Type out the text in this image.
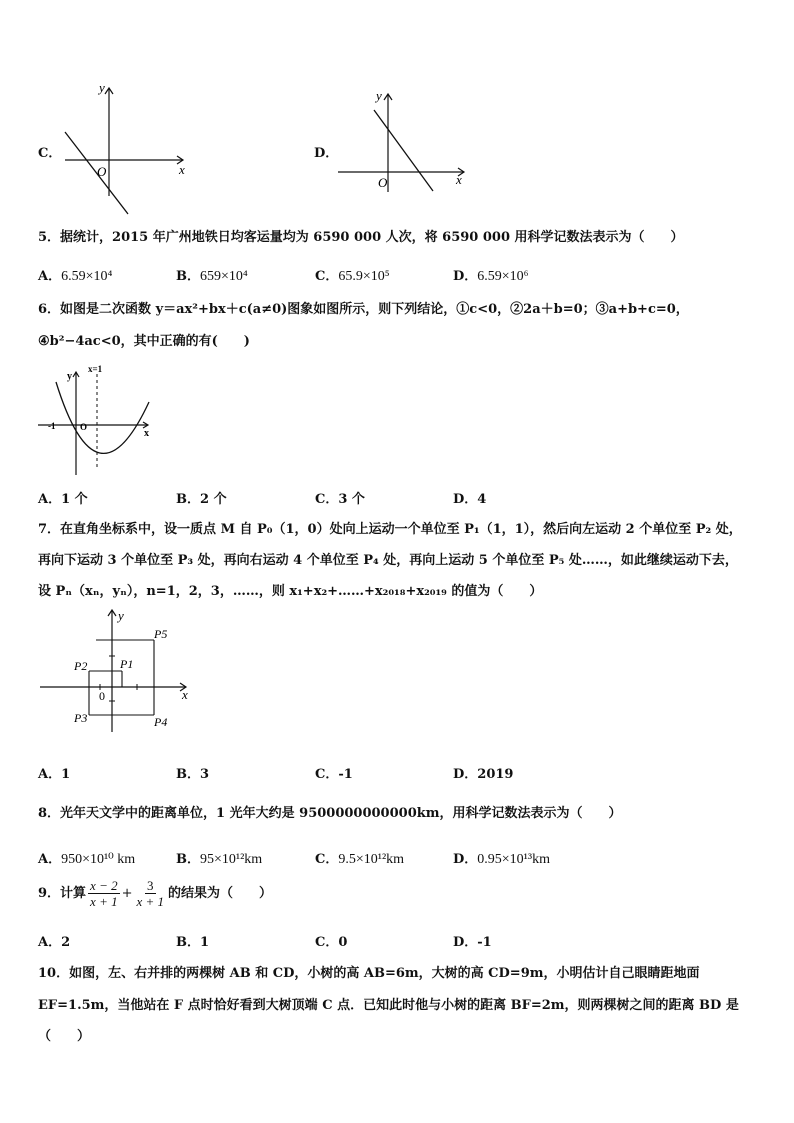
C．
y
x
O
D．
y
x
O
5．据统计，2015 年广州地铁日均客运量均为 6590 000 人次，将 6590 000 用科学记数法表示为（　　）
A．6.59×10⁴	B．659×10⁴	C．65.9×10⁵	D．6.59×10⁶
6．如图是二次函数 y＝ax²+bx＋c(a≠0)图象如图所示，则下列结论，①c<0，②2a＋b=0；③a+b+c=0，
④b²−4ac<0，其中正确的有(　　)
y
x=1
x
-1	O
A．1 个	B．2 个	C．3 个	D．4
7．在直角坐标系中，设一质点 M 自 P₀（1，0）处向上运动一个单位至 P₁（1，1），然后向左运动 2 个单位至 P₂ 处，
再向下运动 3 个单位至 P₃ 处，再向右运动 4 个单位至 P₄ 处，再向上运动 5 个单位至 P₅ 处……，如此继续运动下去，
设 Pₙ（xₙ，yₙ），n=1，2，3，……，则 x₁+x₂+……+x₂₀₁₈+x₂₀₁₉ 的值为（　　）
y
x
0
P1
P2
P3	P4
P5
A．1	B．3	C．-1	D．2019
8．光年天文学中的距离单位，1 光年大约是 9500000000000km，用科学记数法表示为（　　）
A．950×10¹⁰ km	B．95×10¹²km	C．9.5×10¹²km	D．0.95×10¹³km
9．计算 $\frac{x - 2}{x + 1} + \frac{3}{x + 1}$ 的结果为（　　）
A．2	B．1	C．0	D．-1
10．如图，左、右并排的两棵树 AB 和 CD，小树的高 AB=6m，大树的高 CD=9m，小明估计自己眼睛距地面
EF=1.5m，当他站在 F 点时恰好看到大树顶端 C 点．已知此时他与小树的距离 BF=2m，则两棵树之间的距离 BD 是
（　　）
